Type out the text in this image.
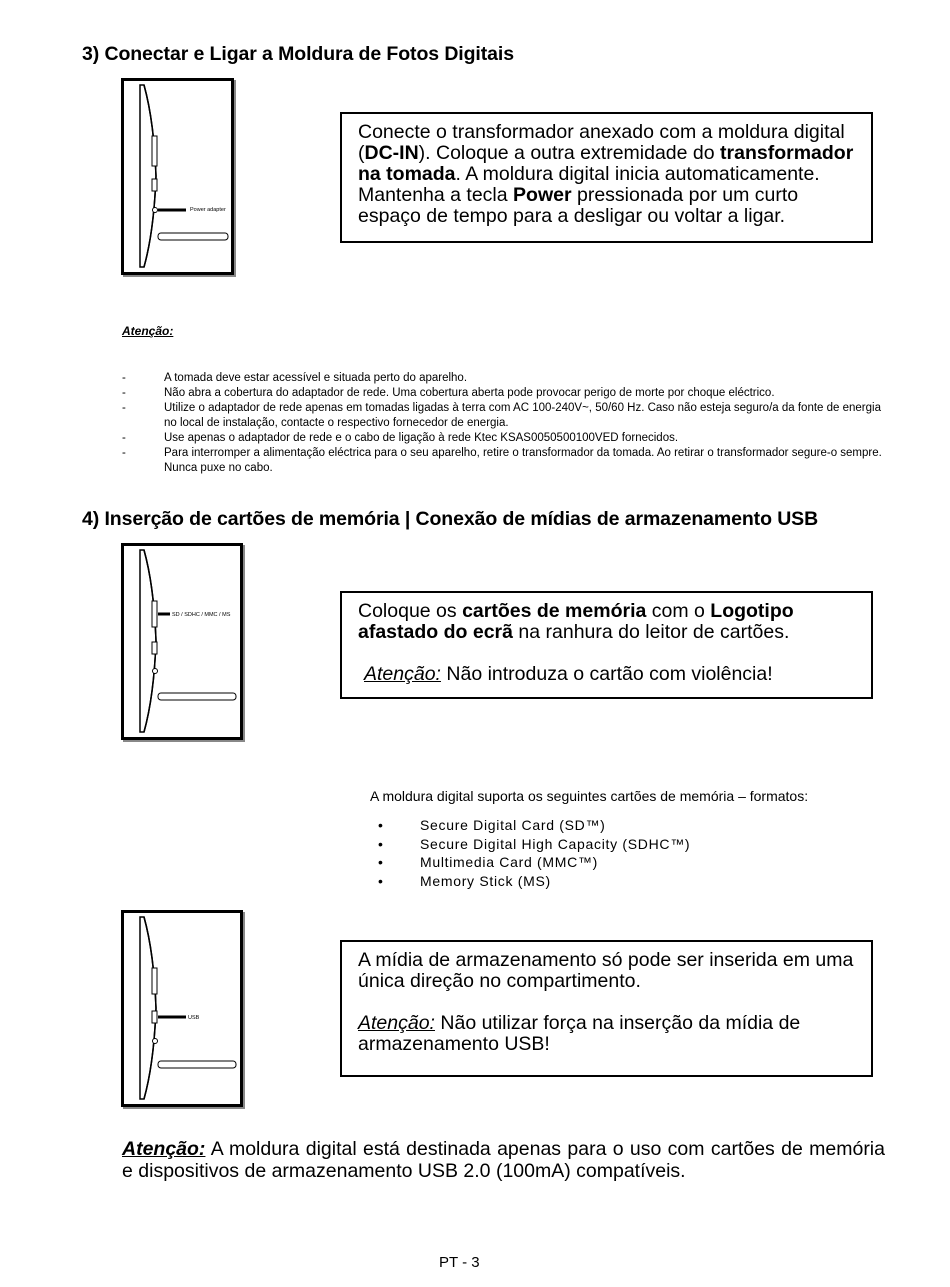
3) Conectar e Ligar a Moldura de Fotos Digitais
Power adapter
Conecte o transformador anexado com a moldura digital (DC-IN). Coloque a outra extremidade do transformador na tomada. A moldura digital inicia automaticamente. Mantenha a tecla Power pressionada por um curto espaço de tempo para a desligar ou voltar a ligar.
Atenção:
- A tomada deve estar acessível e situada perto do aparelho.
- Não abra a cobertura do adaptador de rede. Uma cobertura aberta pode provocar perigo de morte por choque eléctrico.
- Utilize o adaptador de rede apenas em tomadas ligadas à terra com AC 100-240V~, 50/60 Hz. Caso não esteja seguro/a da fonte de energia no local de instalação, contacte o respectivo fornecedor de energia.
- Use apenas o adaptador de rede e o cabo de ligação à rede Ktec KSAS0050500100VED fornecidos.
- Para interromper a alimentação eléctrica para o seu aparelho, retire o transformador da tomada. Ao retirar o transformador segure-o sempre. Nunca puxe no cabo.
4) Inserção de cartões de memória | Conexão de mídias de armazenamento USB
SD / SDHC / MMC / MS	Coloque os cartões de memória com o Logotipo afastado do ecrã na ranhura do leitor de cartões.
Atenção: Não introduza o cartão com violência!
A moldura digital suporta os seguintes cartões de memória – formatos:
•	Secure Digital Card (SD™)
•	Secure Digital High Capacity (SDHC™)
•	Multimedia Card (MMC™)
•	Memory Stick (MS)
USB
A mídia de armazenamento só pode ser inserida em uma única direção no compartimento.
Atenção: Não utilizar força na inserção da mídia de armazenamento USB!
Atenção: A moldura digital está destinada apenas para o uso com cartões de memória e dispositivos de armazenamento USB 2.0 (100mA) compatíveis.
PT - 3
